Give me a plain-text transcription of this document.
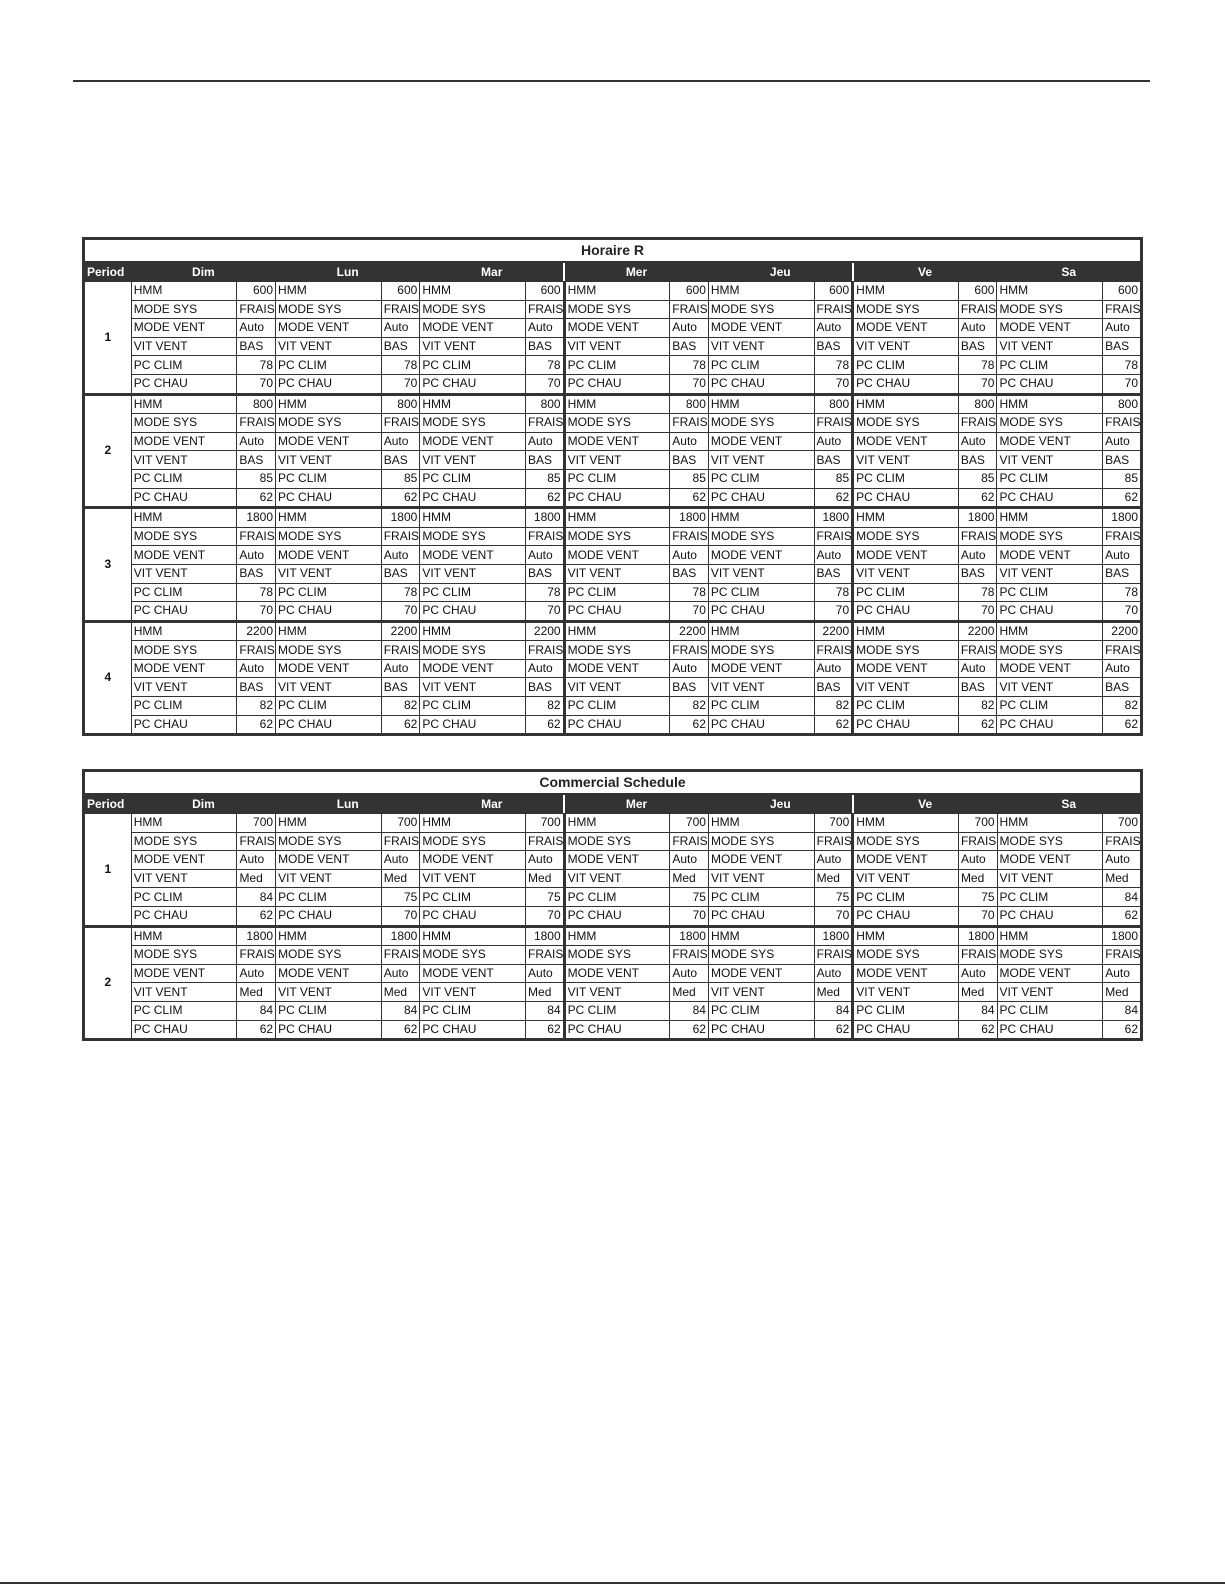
Horaire R														
Period	Dim		Lun		Mar		Mer		Jeu		Ve		Sa	
1	HMM	600	HMM	600	HMM	600	HMM	600	HMM	600	HMM	600	HMM	600
	MODE SYS	FRAIS	MODE SYS	FRAIS	MODE SYS	FRAIS	MODE SYS	FRAIS	MODE SYS	FRAIS	MODE SYS	FRAIS	MODE SYS	FRAIS
	MODE VENT	Auto	MODE VENT	Auto	MODE VENT	Auto	MODE VENT	Auto	MODE VENT	Auto	MODE VENT	Auto	MODE VENT	Auto
	VIT VENT	BAS	VIT VENT	BAS	VIT VENT	BAS	VIT VENT	BAS	VIT VENT	BAS	VIT VENT	BAS	VIT VENT	BAS
	PC CLIM	78	PC CLIM	78	PC CLIM	78	PC CLIM	78	PC CLIM	78	PC CLIM	78	PC CLIM	78
	PC CHAU	70	PC CHAU	70	PC CHAU	70	PC CHAU	70	PC CHAU	70	PC CHAU	70	PC CHAU	70
2	HMM	800	HMM	800	HMM	800	HMM	800	HMM	800	HMM	800	HMM	800
	MODE SYS	FRAIS	MODE SYS	FRAIS	MODE SYS	FRAIS	MODE SYS	FRAIS	MODE SYS	FRAIS	MODE SYS	FRAIS	MODE SYS	FRAIS
	MODE VENT	Auto	MODE VENT	Auto	MODE VENT	Auto	MODE VENT	Auto	MODE VENT	Auto	MODE VENT	Auto	MODE VENT	Auto
	VIT VENT	BAS	VIT VENT	BAS	VIT VENT	BAS	VIT VENT	BAS	VIT VENT	BAS	VIT VENT	BAS	VIT VENT	BAS
	PC CLIM	85	PC CLIM	85	PC CLIM	85	PC CLIM	85	PC CLIM	85	PC CLIM	85	PC CLIM	85
	PC CHAU	62	PC CHAU	62	PC CHAU	62	PC CHAU	62	PC CHAU	62	PC CHAU	62	PC CHAU	62
3	HMM	1800	HMM	1800	HMM	1800	HMM	1800	HMM	1800	HMM	1800	HMM	1800
	MODE SYS	FRAIS	MODE SYS	FRAIS	MODE SYS	FRAIS	MODE SYS	FRAIS	MODE SYS	FRAIS	MODE SYS	FRAIS	MODE SYS	FRAIS
	MODE VENT	Auto	MODE VENT	Auto	MODE VENT	Auto	MODE VENT	Auto	MODE VENT	Auto	MODE VENT	Auto	MODE VENT	Auto
	VIT VENT	BAS	VIT VENT	BAS	VIT VENT	BAS	VIT VENT	BAS	VIT VENT	BAS	VIT VENT	BAS	VIT VENT	BAS
	PC CLIM	78	PC CLIM	78	PC CLIM	78	PC CLIM	78	PC CLIM	78	PC CLIM	78	PC CLIM	78
	PC CHAU	70	PC CHAU	70	PC CHAU	70	PC CHAU	70	PC CHAU	70	PC CHAU	70	PC CHAU	70
4	HMM	2200	HMM	2200	HMM	2200	HMM	2200	HMM	2200	HMM	2200	HMM	2200
	MODE SYS	FRAIS	MODE SYS	FRAIS	MODE SYS	FRAIS	MODE SYS	FRAIS	MODE SYS	FRAIS	MODE SYS	FRAIS	MODE SYS	FRAIS
	MODE VENT	Auto	MODE VENT	Auto	MODE VENT	Auto	MODE VENT	Auto	MODE VENT	Auto	MODE VENT	Auto	MODE VENT	Auto
	VIT VENT	BAS	VIT VENT	BAS	VIT VENT	BAS	VIT VENT	BAS	VIT VENT	BAS	VIT VENT	BAS	VIT VENT	BAS
	PC CLIM	82	PC CLIM	82	PC CLIM	82	PC CLIM	82	PC CLIM	82	PC CLIM	82	PC CLIM	82
	PC CHAU	62	PC CHAU	62	PC CHAU	62	PC CHAU	62	PC CHAU	62	PC CHAU	62	PC CHAU	62
Commercial Schedule														
Period	Dim		Lun		Mar		Mer		Jeu		Ve		Sa	
1	HMM	700	HMM	700	HMM	700	HMM	700	HMM	700	HMM	700	HMM	700
	MODE SYS	FRAIS	MODE SYS	FRAIS	MODE SYS	FRAIS	MODE SYS	FRAIS	MODE SYS	FRAIS	MODE SYS	FRAIS	MODE SYS	FRAIS
	MODE VENT	Auto	MODE VENT	Auto	MODE VENT	Auto	MODE VENT	Auto	MODE VENT	Auto	MODE VENT	Auto	MODE VENT	Auto
	VIT VENT	Med	VIT VENT	Med	VIT VENT	Med	VIT VENT	Med	VIT VENT	Med	VIT VENT	Med	VIT VENT	Med
	PC CLIM	84	PC CLIM	75	PC CLIM	75	PC CLIM	75	PC CLIM	75	PC CLIM	75	PC CLIM	84
	PC CHAU	62	PC CHAU	70	PC CHAU	70	PC CHAU	70	PC CHAU	70	PC CHAU	70	PC CHAU	62
2	HMM	1800	HMM	1800	HMM	1800	HMM	1800	HMM	1800	HMM	1800	HMM	1800
	MODE SYS	FRAIS	MODE SYS	FRAIS	MODE SYS	FRAIS	MODE SYS	FRAIS	MODE SYS	FRAIS	MODE SYS	FRAIS	MODE SYS	FRAIS
	MODE VENT	Auto	MODE VENT	Auto	MODE VENT	Auto	MODE VENT	Auto	MODE VENT	Auto	MODE VENT	Auto	MODE VENT	Auto
	VIT VENT	Med	VIT VENT	Med	VIT VENT	Med	VIT VENT	Med	VIT VENT	Med	VIT VENT	Med	VIT VENT	Med
	PC CLIM	84	PC CLIM	84	PC CLIM	84	PC CLIM	84	PC CLIM	84	PC CLIM	84	PC CLIM	84
	PC CHAU	62	PC CHAU	62	PC CHAU	62	PC CHAU	62	PC CHAU	62	PC CHAU	62	PC CHAU	62
